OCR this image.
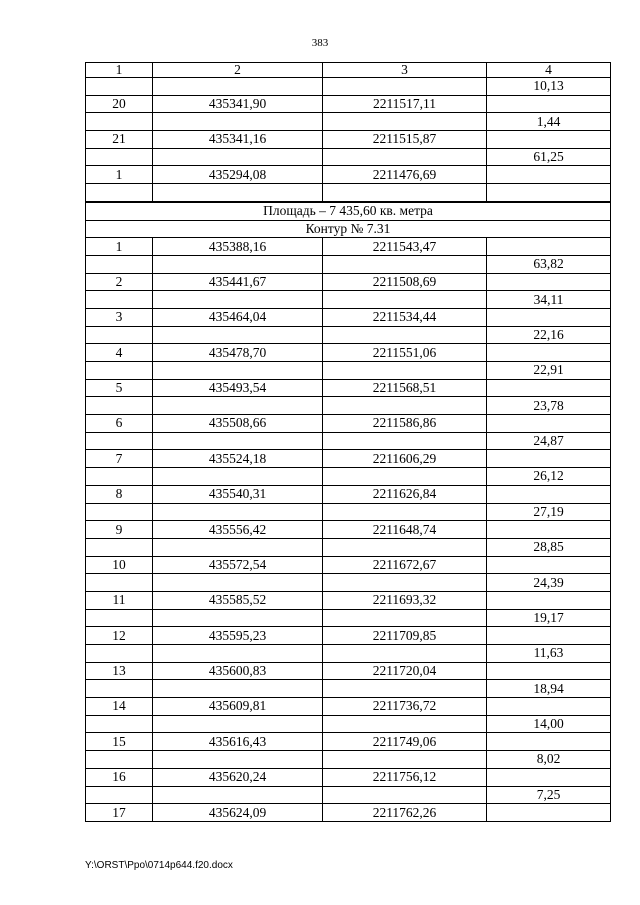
383
1	2	3	4
			10,13
20	435341,90	2211517,11	
			1,44
21	435341,16	2211515,87	
			61,25
1	435294,08	2211476,69	

Площадь – 7 435,60 кв. метра			
Контур № 7.31			
1	435388,16	2211543,47	
			63,82
2	435441,67	2211508,69	
			34,11
3	435464,04	2211534,44	
			22,16
4	435478,70	2211551,06	
			22,91
5	435493,54	2211568,51	
			23,78
6	435508,66	2211586,86	
			24,87
7	435524,18	2211606,29	
			26,12
8	435540,31	2211626,84	
			27,19
9	435556,42	2211648,74	
			28,85
10	435572,54	2211672,67	
			24,39
11	435585,52	2211693,32	
			19,17
12	435595,23	2211709,85	
			11,63
13	435600,83	2211720,04	
			18,94
14	435609,81	2211736,72	
			14,00
15	435616,43	2211749,06	
			8,02
16	435620,24	2211756,12	
			7,25
17	435624,09	2211762,26	
Y:\ORST\Ppo\0714p644.f20.docx
